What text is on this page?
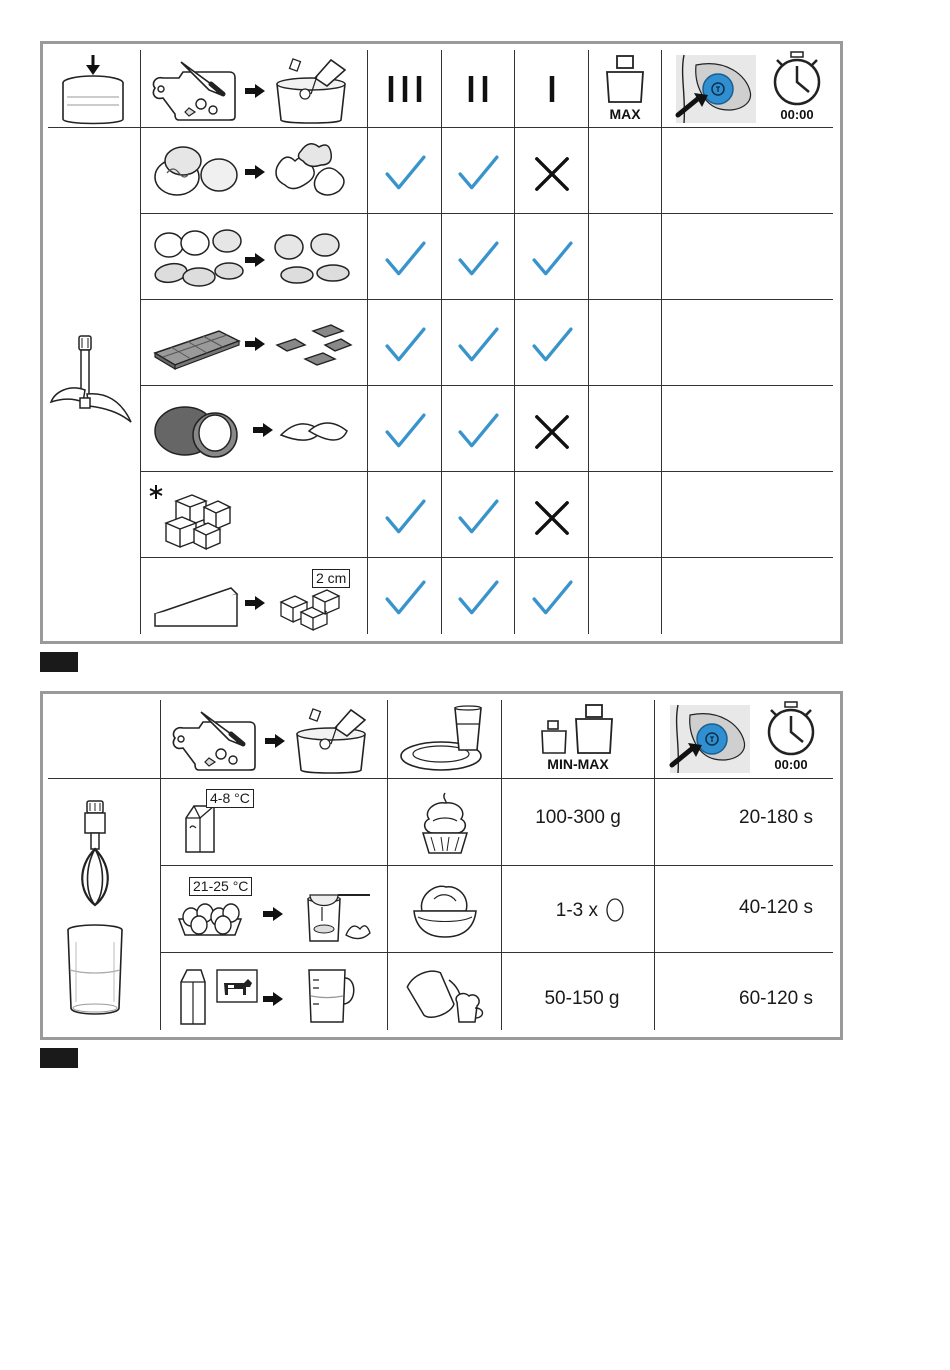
MAX	00:00
2 cm
MIN-MAX	00:00
4-8 °C
21-25 °C
100-300 g	20-180 s
1-3 x	40-120 s
50-150 g	60-120 s
